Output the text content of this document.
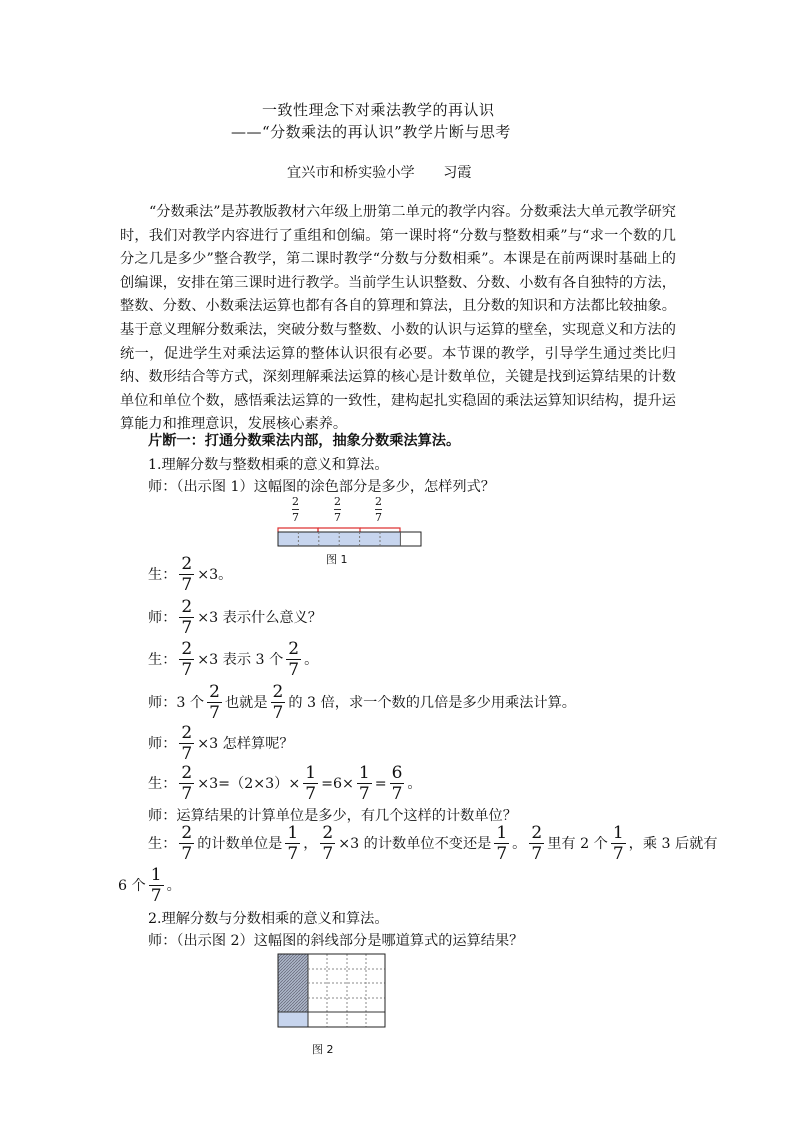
一致性理念下对乘法教学的再认识
——“分数乘法的再认识”教学片断与思考
宜兴市和桥实验小学　　习霞
“分数乘法”是苏教版教材六年级上册第二单元的教学内容。分数乘法大单元教学研究时，我们对教学内容进行了重组和创编。第一课时将“分数与整数相乘”与“求一个数的几分之几是多少”整合教学，第二课时教学“分数与分数相乘”。本课是在前两课时基础上的创编课，安排在第三课时进行教学。当前学生认识整数、分数、小数有各自独特的方法，整数、分数、小数乘法运算也都有各自的算理和算法，且分数的知识和方法都比较抽象。基于意义理解分数乘法，突破分数与整数、小数的认识与运算的壁垒，实现意义和方法的统一，促进学生对乘法运算的整体认识很有必要。本节课的教学，引导学生通过类比归纳、数形结合等方式，深刻理解乘法运算的核心是计数单位，关键是找到运算结果的计数单位和单位个数，感悟乘法运算的一致性，建构起扎实稳固的乘法运算知识结构，提升运算能力和推理意识，发展核心素养。
片断一：打通分数乘法内部，抽象分数乘法算法。
1.理解分数与整数相乘的意义和算法。
师：（出示图 1）这幅图的涂色部分是多少，怎样列式？
2
7
2
7
2
7
图 1
生： $\frac{2}{7} \times 3$。
师： $\frac{2}{7} \times 3$ 表示什么意义？
生： $\frac{2}{7} \times 3$ 表示 3 个 $\frac{2}{7}$ 。
师：3 个 $\frac{2}{7}$ 也就是 $\frac{2}{7}$ 的 3 倍，求一个数的几倍是多少用乘法计算。
师： $\frac{2}{7} \times 3$ 怎样算呢？
生： $\frac{2}{7} \times 3=(2\times 3)\times \frac{1}{7} =6\times \frac{1}{7} = \frac{6}{7}$ 。
师：运算结果的计算单位是多少，有几个这样的计数单位？
生： $\frac{2}{7}$ 的计数单位是 $\frac{1}{7}$ ， $\frac{2}{7} \times 3$ 的计数单位不变还是 $\frac{1}{7}$ 。 $\frac{2}{7}$ 里有 2 个 $\frac{1}{7}$ ，乘 3 后就有
6 个 $\frac{1}{7}$ 。
2.理解分数与分数相乘的意义和算法。
师：（出示图 2）这幅图的斜线部分是哪道算式的运算结果？
图 2
